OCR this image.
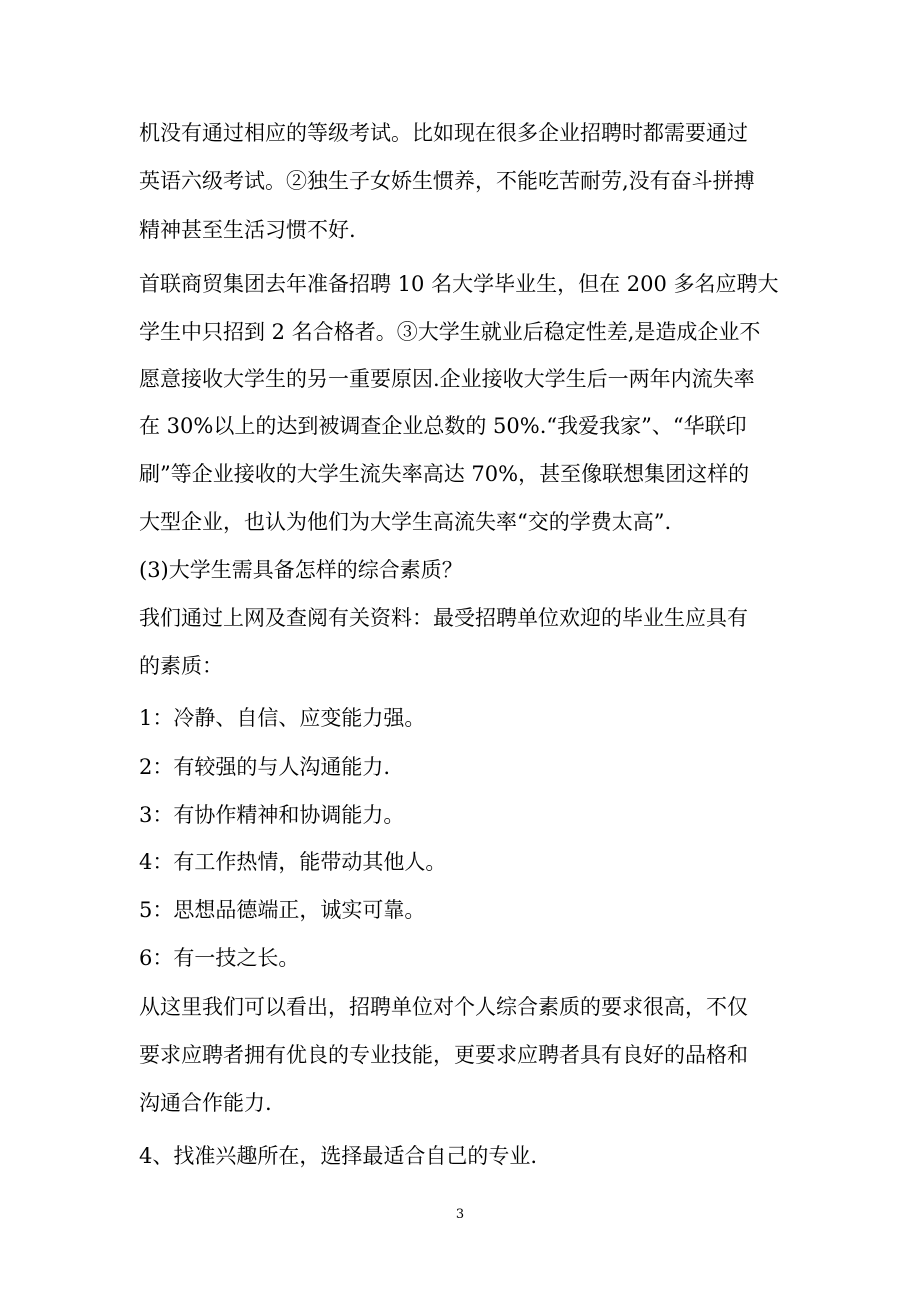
机没有通过相应的等级考试。比如现在很多企业招聘时都需要通过
英语六级考试。②独生子女娇生惯养，不能吃苦耐劳,没有奋斗拼搏
精神甚至生活习惯不好.
首联商贸集团去年准备招聘 10 名大学毕业生，但在 200 多名应聘大
学生中只招到 2 名合格者。③大学生就业后稳定性差,是造成企业不
愿意接收大学生的另一重要原因.企业接收大学生后一两年内流失率
在 30%以上的达到被调查企业总数的 50%.“我爱我家”、“华联印
刷”等企业接收的大学生流失率高达 70%，甚至像联想集团这样的
大型企业，也认为他们为大学生高流失率“交的学费太高”.
(3)大学生需具备怎样的综合素质？
我们通过上网及查阅有关资料：最受招聘单位欢迎的毕业生应具有
的素质：
1：冷静、自信、应变能力强。
2：有较强的与人沟通能力.
3：有协作精神和协调能力。
4：有工作热情，能带动其他人。
5：思想品德端正，诚实可靠。
6：有一技之长。
从这里我们可以看出，招聘单位对个人综合素质的要求很高，不仅
要求应聘者拥有优良的专业技能，更要求应聘者具有良好的品格和
沟通合作能力.
4、找准兴趣所在，选择最适合自己的专业.
3
